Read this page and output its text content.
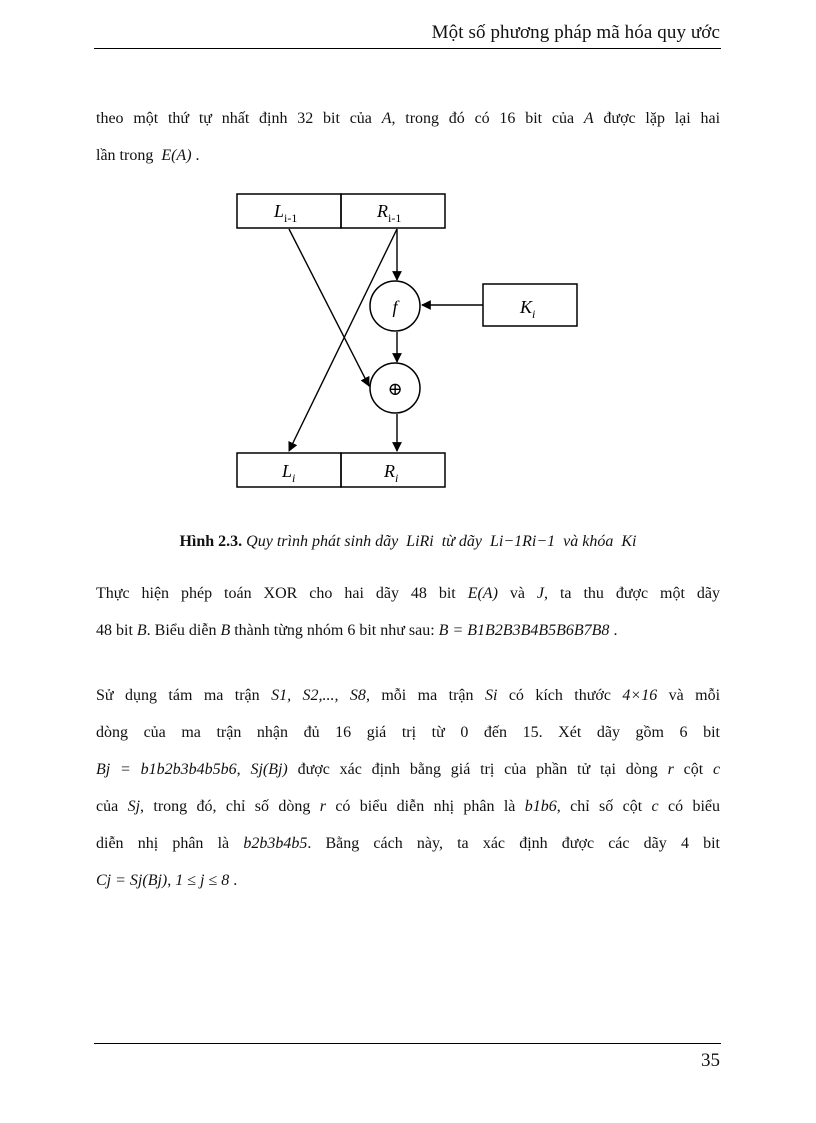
Một số phương pháp mã hóa quy ước
theo một thứ tự nhất định 32 bit của A, trong đó có 16 bit của A được lặp lại hai
lần trong E(A) .
$L_{i-1}$	$R_{i-1}$
f	$K_i$
⊕
$L_i$	$R_i$
Hình 2.3. Quy trình phát sinh dãy LiRi từ dãy Li−1Ri−1 và khóa Ki
Thực hiện phép toán XOR cho hai dãy 48 bit E(A) và J, ta thu được một dãy
48 bit B. Biểu diễn B thành từng nhóm 6 bit như sau: B = B1B2B3B4B5B6B7B8 .
Sử dụng tám ma trận S1, S2,..., S8, mỗi ma trận Si có kích thước 4×16 và mỗi
dòng của ma trận nhận đủ 16 giá trị từ 0 đến 15. Xét dãy gồm 6 bit
Bj = b1b2b3b4b5b6, Sj(Bj) được xác định bằng giá trị của phần tử tại dòng r cột c
của Sj, trong đó, chỉ số dòng r có biểu diễn nhị phân là b1b6, chỉ số cột c có biểu
diễn nhị phân là b2b3b4b5. Bằng cách này, ta xác định được các dãy 4 bit
Cj = Sj(Bj), 1 ≤ j ≤ 8 .
35
